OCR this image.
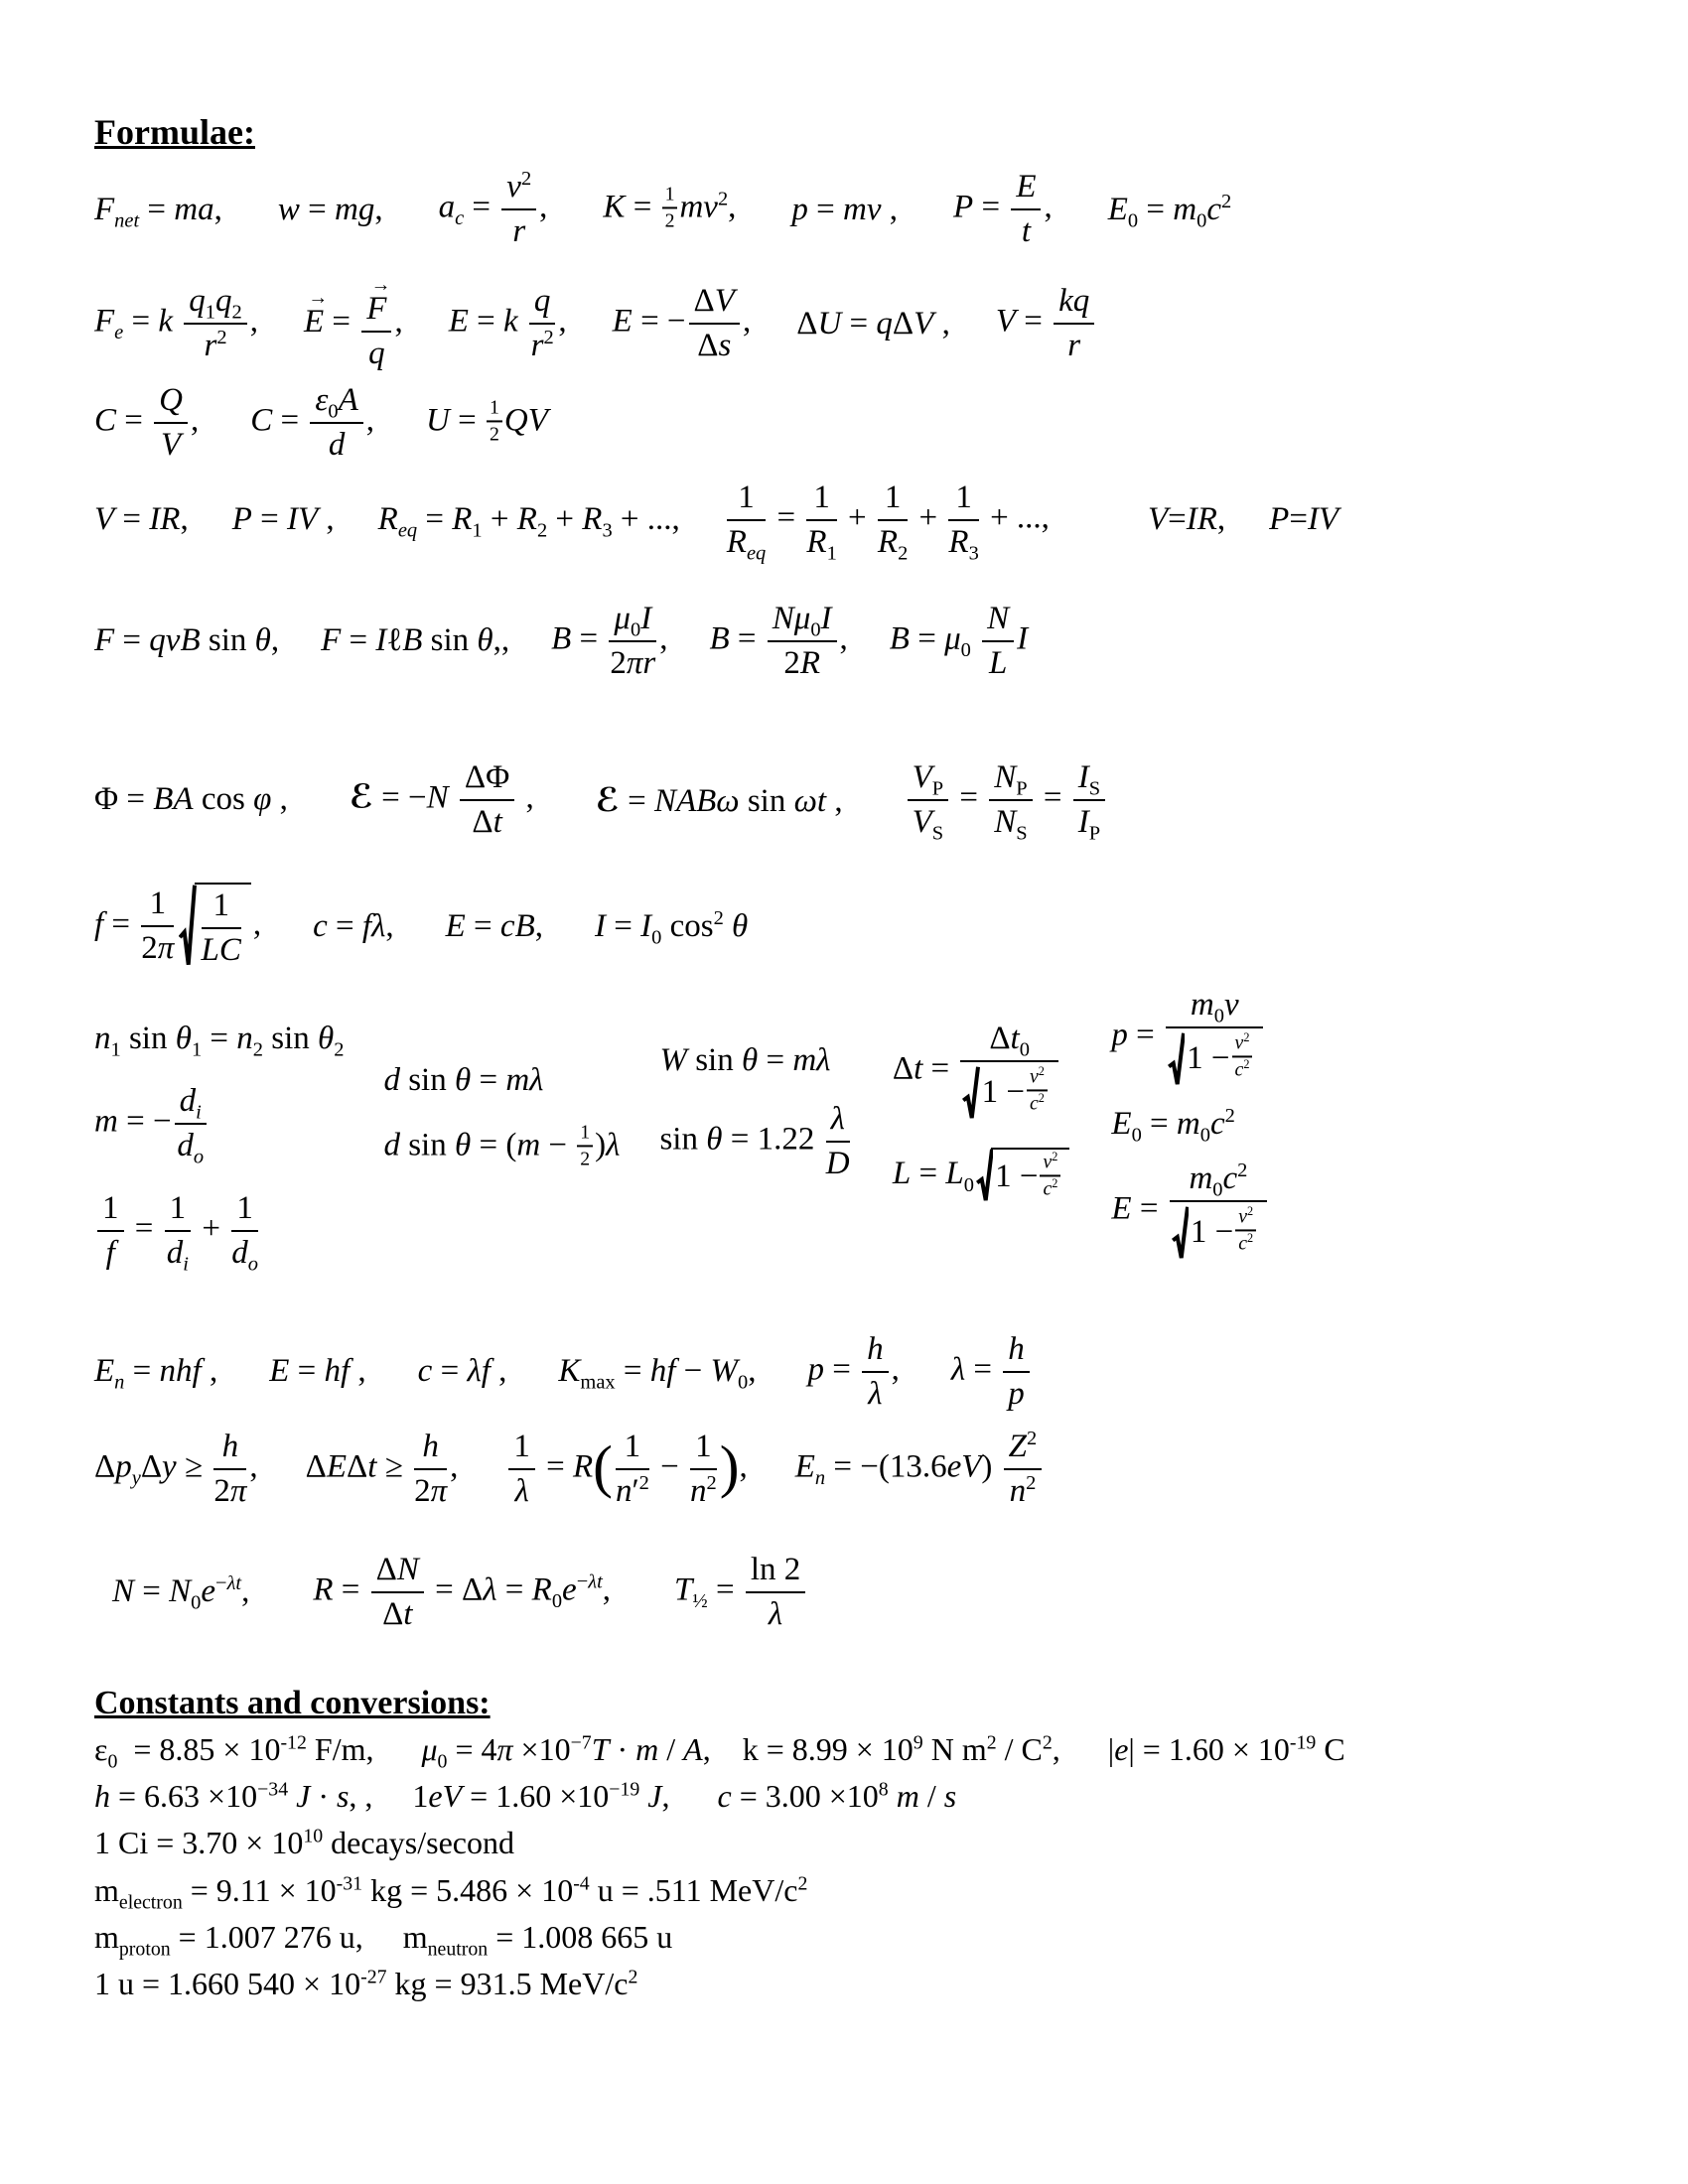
Formulae:
$F_{net}$ = ma, w = mg, $a_c = \frac{v^2}{r}$ , $K = \frac{1}{2} mv^2$, p = mv , $P = \frac{E}{t}$ , $E_0 = m_0c^2$
$F_e = k \frac{q_1q_2}{r^2}$ , E → = $\frac{F \to}{q}$ , E = k $\frac{q}{r^2}$ , E = − $\frac{\Delta V}{\Delta s}$ , ΔU = qΔV , $V = \frac{kq}{r}$
$C = \frac{Q}{V}$ , $C = \frac{\varepsilon_0A}{d}$ , $U = \frac{1}{2}$ QV
V = IR, P = IV , $R_{eq} = R_1 + R_2 + R_3$ + ...,
1
$R_{eq}$
= $\frac{1}{R_1} + \frac{1}{R_2} + \frac{1}{R_3}$ + ...,	V=IR, P=IV
F = qvB sin θ, F = IℓB sin θ,, $B = \frac{\mu_0I}{2\pi r}$ , $B = \frac{N\mu_0I}{2R}$ , $B = \mu_0 \frac{N}{L}$ I
Φ = BA cos φ , ℰ = $-N \frac{\Delta\Phi}{\Delta t}$ , ℰ = NABω sin ωt , $\frac{V_P}{V_S} = \frac{N_P}{N_S} = \frac{I_S}{I_P}$
$f = \frac{1}{2\pi}$	1
LC
, c = fλ, E = cB, $I = I_0$ $\cos^2 \theta$
$n_1$ $\sin \theta_1 = n_2$ $\sin \theta_2$
m = − $\frac{d_i}{d_o}$
$\frac{1}{f} = \frac{1}{d_i} + \frac{1}{d_o}$
d sin θ = mλ
d $\sin \theta = (m - \frac{1}{2} )\lambda$
W sin θ = mλ
$\sin \theta = 1.22 \frac{\lambda}{D}$
$\Delta t = \Delta t_0$
$1 - v^2$
$c^2$
$L = L_0$ $1 - v^2$
$c^2$
$p = m_0v$
$1 - v^2$
$c^2$
$E_0 = m_0c^2$
$E = m_0c^2$
$1 - v^2$
$c^2$
$E_n$ = nhf , E = hf , c = λf , $K_{max}$ = hf − $W_0$, $p = \frac{h}{\lambda}$ , $\lambda = \frac{h}{p}$
$\Delta p_y\Delta y \ge \frac{h}{2\pi}$ , $\Delta E\Delta t \ge \frac{h}{2\pi}$ , $\frac{1}{\lambda} = R( \frac{1}{n'^2} - \frac{1}{n^2}$ ), $E_n = -(13.6eV) \frac{Z^2}{n^2}$
$N = N_0e^{-\lambda t}$, $R = \frac{\Delta N}{\Delta t} = \Delta\lambda = R_0e^{-\lambda t}$, $T_{\frac{1}{2}} = \frac{\ln 2}{\lambda}$
Constants and conversions:
$\varepsilon_0 = 8.85 \times 10^{-12}$ F/m,   $\mu_0 = 4\pi \times 10^{-7}T \cdot m / A$, $k = 8.99 \times 10^9$ N $m^2 / C^2$,   $|e| = 1.60 \times 10^{-19}$ C
$h = 6.63 \times 10^{-34}$ J · s, ,  $1eV = 1.60 \times 10^{-19}$ J,   $c = 3.00 \times 10^8$ m / s
1 $Ci = 3.70 \times 10^{10}$ decays/second
$m_{electron} = 9.11 \times 10^{-31}$ kg = $5.486 \times 10^{-4}$ u = .511 MeV/$c^2$
$m_{proton} = 1.007$ 276 u,  $m_{neutron} = 1.008$ 665 u
1 u = 1.660 $540 \times 10^{-27}$ kg = 931.5 MeV/$c^2$
